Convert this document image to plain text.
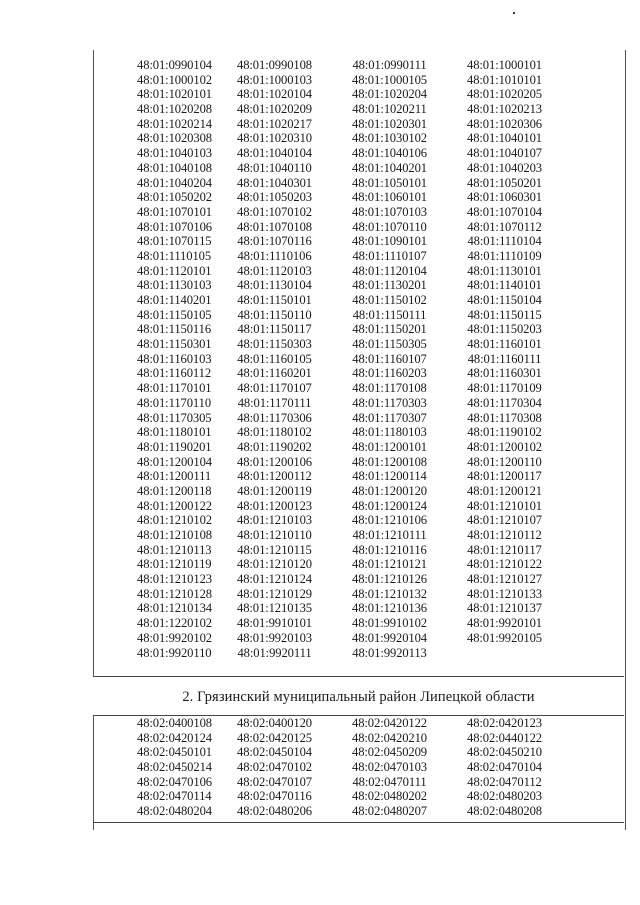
48:01:0990104	48:01:0990108	48:01:0990111	48:01:1000101
48:01:1000102	48:01:1000103	48:01:1000105	48:01:1010101
48:01:1020101	48:01:1020104	48:01:1020204	48:01:1020205
48:01:1020208	48:01:1020209	48:01:1020211	48:01:1020213
48:01:1020214	48:01:1020217	48:01:1020301	48:01:1020306
48:01:1020308	48:01:1020310	48:01:1030102	48:01:1040101
48:01:1040103	48:01:1040104	48:01:1040106	48:01:1040107
48:01:1040108	48:01:1040110	48:01:1040201	48:01:1040203
48:01:1040204	48:01:1040301	48:01:1050101	48:01:1050201
48:01:1050202	48:01:1050203	48:01:1060101	48:01:1060301
48:01:1070101	48:01:1070102	48:01:1070103	48:01:1070104
48:01:1070106	48:01:1070108	48:01:1070110	48:01:1070112
48:01:1070115	48:01:1070116	48:01:1090101	48:01:1110104
48:01:1110105	48:01:1110106	48:01:1110107	48:01:1110109
48:01:1120101	48:01:1120103	48:01:1120104	48:01:1130101
48:01:1130103	48:01:1130104	48:01:1130201	48:01:1140101
48:01:1140201	48:01:1150101	48:01:1150102	48:01:1150104
48:01:1150105	48:01:1150110	48:01:1150111	48:01:1150115
48:01:1150116	48:01:1150117	48:01:1150201	48:01:1150203
48:01:1150301	48:01:1150303	48:01:1150305	48:01:1160101
48:01:1160103	48:01:1160105	48:01:1160107	48:01:1160111
48:01:1160112	48:01:1160201	48:01:1160203	48:01:1160301
48:01:1170101	48:01:1170107	48:01:1170108	48:01:1170109
48:01:1170110	48:01:1170111	48:01:1170303	48:01:1170304
48:01:1170305	48:01:1170306	48:01:1170307	48:01:1170308
48:01:1180101	48:01:1180102	48:01:1180103	48:01:1190102
48:01:1190201	48:01:1190202	48:01:1200101	48:01:1200102
48:01:1200104	48:01:1200106	48:01:1200108	48:01:1200110
48:01:1200111	48:01:1200112	48:01:1200114	48:01:1200117
48:01:1200118	48:01:1200119	48:01:1200120	48:01:1200121
48:01:1200122	48:01:1200123	48:01:1200124	48:01:1210101
48:01:1210102	48:01:1210103	48:01:1210106	48:01:1210107
48:01:1210108	48:01:1210110	48:01:1210111	48:01:1210112
48:01:1210113	48:01:1210115	48:01:1210116	48:01:1210117
48:01:1210119	48:01:1210120	48:01:1210121	48:01:1210122
48:01:1210123	48:01:1210124	48:01:1210126	48:01:1210127
48:01:1210128	48:01:1210129	48:01:1210132	48:01:1210133
48:01:1210134	48:01:1210135	48:01:1210136	48:01:1210137
48:01:1220102	48:01:9910101	48:01:9910102	48:01:9920101
48:01:9920102	48:01:9920103	48:01:9920104	48:01:9920105
48:01:9920110	48:01:9920111	48:01:9920113
2. Грязинский муниципальный район Липецкой области
48:02:0400108	48:02:0400120	48:02:0420122	48:02:0420123
48:02:0420124	48:02:0420125	48:02:0420210	48:02:0440122
48:02:0450101	48:02:0450104	48:02:0450209	48:02:0450210
48:02:0450214	48:02:0470102	48:02:0470103	48:02:0470104
48:02:0470106	48:02:0470107	48:02:0470111	48:02:0470112
48:02:0470114	48:02:0470116	48:02:0480202	48:02:0480203
48:02:0480204	48:02:0480206	48:02:0480207	48:02:0480208
